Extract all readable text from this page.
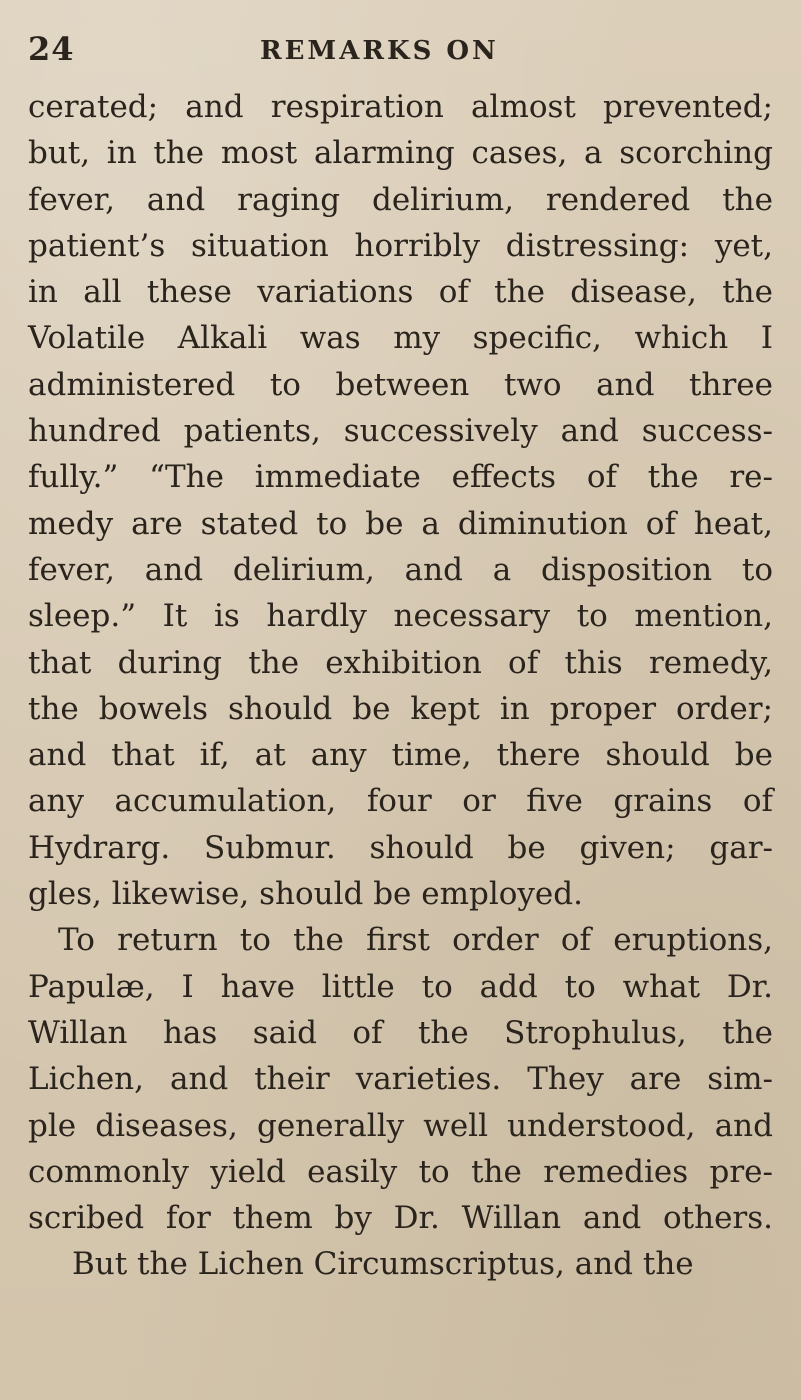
24	REMARKS ON
cerated; and respiration almost prevented;
but, in the most alarming cases, a scorching
fever, and raging delirium, rendered the
patient’s situation horribly distressing: yet,
in all these variations of the disease, the
Volatile Alkali was my specific, which I
administered to between two and three
hundred patients, successively and success-
fully.” “The immediate effects of the re-
medy are stated to be a diminution of heat,
fever, and delirium, and a disposition to
sleep.” It is hardly necessary to mention,
that during the exhibition of this remedy,
the bowels should be kept in proper order;
and that if, at any time, there should be
any accumulation, four or five grains of
Hydrarg. Submur. should be given; gar-
gles, likewise, should be employed.
To return to the first order of eruptions,
Papulæ, I have little to add to what Dr.
Willan has said of the Strophulus, the
Lichen, and their varieties. They are sim-
ple diseases, generally well understood, and
commonly yield easily to the remedies pre-
scribed for them by Dr. Willan and others.
But the Lichen Circumscriptus, and the
